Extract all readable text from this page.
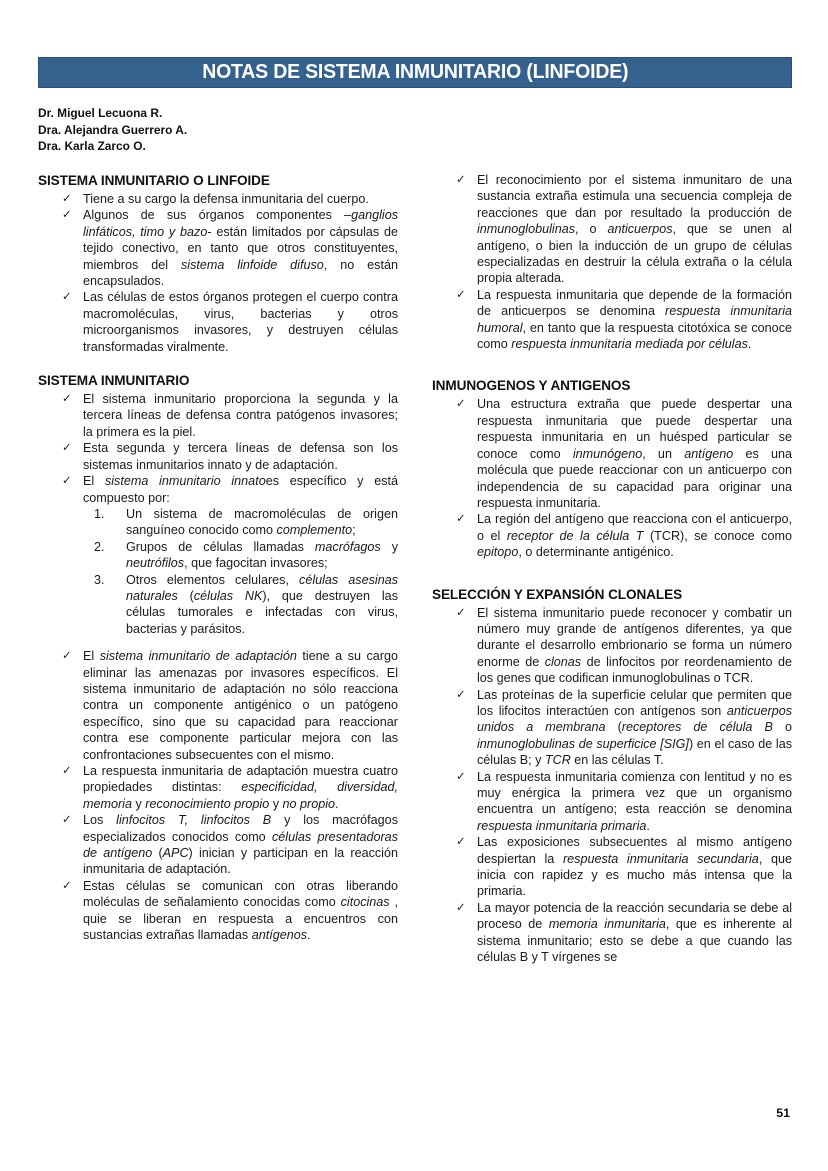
NOTAS DE SISTEMA INMUNITARIO (LINFOIDE)
Dr. Miguel Lecuona R.
Dra. Alejandra Guerrero A.
Dra. Karla Zarco O.
SISTEMA INMUNITARIO O LINFOIDE
✓ Tiene a su cargo la defensa inmunitaria del cuerpo.
✓ Algunos de sus órganos componentes –ganglios linfáticos, timo y bazo- están limitados por cápsulas de tejido conectivo, en tanto que otros constituyentes, miembros del sistema linfoide difuso, no están encapsulados.
✓ Las células de estos órganos protegen el cuerpo contra macromoléculas, virus, bacterias y otros microorganismos invasores, y destruyen células transformadas viralmente.
SISTEMA INMUNITARIO
✓ El sistema inmunitario proporciona la segunda y la tercera líneas de defensa contra patógenos invasores; la primera es la piel.
✓ Esta segunda y tercera líneas de defensa son los sistemas inmunitarios innato y de adaptación.
✓ El sistema inmunitario innatoes específico y está compuesto por:
1. Un sistema de macromoléculas de origen sanguíneo conocido como complemento;
2. Grupos de células llamadas macrófagos y neutrófilos, que fagocitan invasores;
3. Otros elementos celulares, células asesinas naturales (células NK), que destruyen las células tumorales e infectadas con virus, bacterias y parásitos.
✓ El sistema inmunitario de adaptación tiene a su cargo eliminar las amenazas por invasores específicos. El sistema inmunitario de adaptación no sólo reacciona contra un componente antigénico o un patógeno específico, sino que su capacidad para reaccionar contra ese componente particular mejora con las confrontaciones subsecuentes con el mismo.
✓ La respuesta inmunitaria de adaptación muestra cuatro propiedades distintas: especificidad, diversidad, memoria y reconocimiento propio y no propio.
✓ Los linfocitos T, linfocitos B y los macrófagos especializados conocidos como células presentadoras de antígeno (APC) inician y participan en la reacción inmunitaria de adaptación.
✓ Estas células se comunican con otras liberando moléculas de señalamiento conocidas como citocinas , quie se liberan en respuesta a encuentros con sustancias extrañas llamadas antígenos.
✓ El reconocimiento por el sistema inmunitaro de una sustancia extraña estimula una secuencia compleja de reacciones que dan por resultado la producción de inmunoglobulinas, o anticuerpos, que se unen al antígeno, o bien la inducción de un grupo de células especializadas en destruir la célula extraña o la célula propia alterada.
✓ La respuesta inmunitaria que depende de la formación de anticuerpos se denomina respuesta inmunitaria humoral, en tanto que la respuesta citotóxica se conoce como respuesta inmunitaria mediada por células.
INMUNOGENOS Y ANTIGENOS
✓ Una estructura extraña que puede despertar una respuesta inmunitaria que puede despertar una respuesta inmunitaria en un huésped particular se conoce como inmunógeno, un antígeno es una molécula que puede reaccionar con un anticuerpo con independencia de su capacidad para originar una respuesta inmunitaria.
✓ La región del antígeno que reacciona con el anticuerpo, o el receptor de la célula T (TCR), se conoce como epitopo, o determinante antigénico.
SELECCIÓN Y EXPANSIÓN CLONALES
✓ El sistema inmunitario puede reconocer y combatir un número muy grande de antígenos diferentes, ya que durante el desarrollo embrionario se forma un número enorme de clonas de linfocitos por reordenamiento de los genes que codifican inmunoglobulinas o TCR.
✓ Las proteínas de la superficie celular que permiten que los lifocitos interactúen con antígenos son anticuerpos unidos a membrana (receptores de célula B o inmunoglobulinas de superficice [SIG]) en el caso de las células B; y TCR en las células T.
✓ La respuesta inmunitaria comienza con lentitud y no es muy enérgica la primera vez que un organismo encuentra un antígeno; esta reacción se denomina respuesta inmunitaria primaria.
✓ Las exposiciones subsecuentes al mismo antígeno despiertan la respuesta inmunitaria secundaria, que inicia con rapidez y es mucho más intensa que la primaria.
✓ La mayor potencia de la reacción secundaria se debe al proceso de memoria inmunitaria, que es inherente al sistema inmunitario; esto se debe a que cuando las células B y T vírgenes se
51
